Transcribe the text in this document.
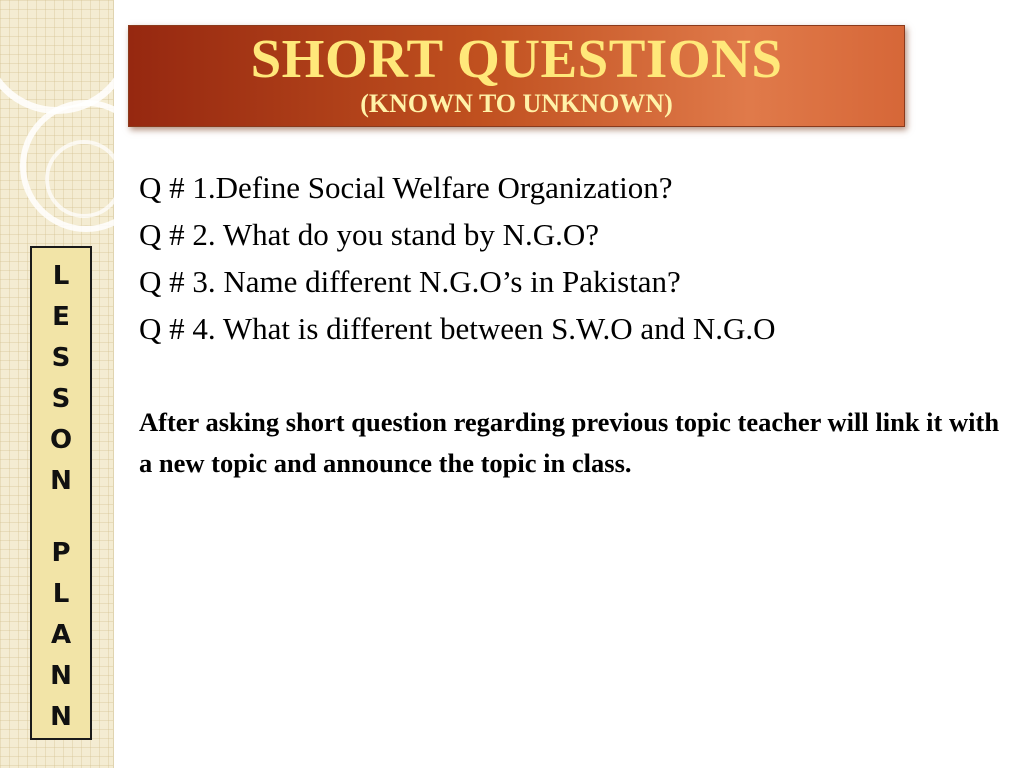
L
E
S
S
O
N
P
L
A
N
N
SHORT QUESTIONS
(KNOWN TO UNKNOWN)
Q # 1.Define Social Welfare Organization?
Q # 2. What do you stand by N.G.O?
Q # 3. Name different N.G.O’s in Pakistan?
Q # 4. What is different between S.W.O and N.G.O
After asking short question regarding previous topic teacher will link it with a new topic and announce the topic in class.
